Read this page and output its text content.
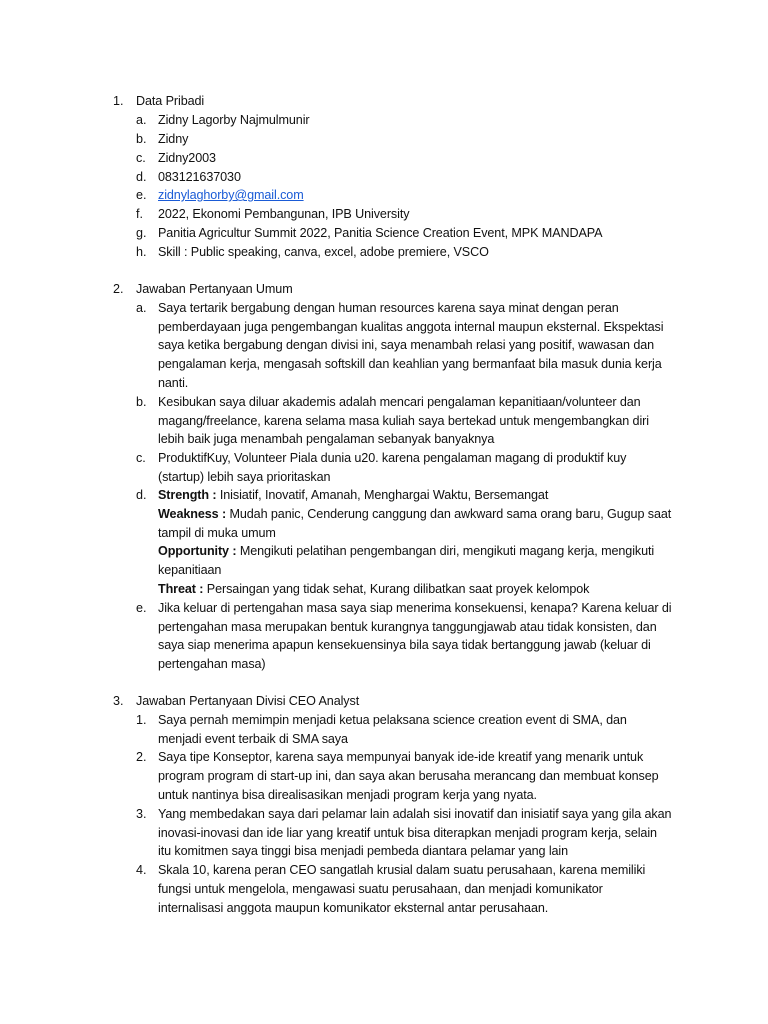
1. Data Pribadi
a. Zidny Lagorby Najmulmunir
b. Zidny
c. Zidny2003
d. 083121637030
e. zidnylaghorby@gmail.com
f. 2022, Ekonomi Pembangunan, IPB University
g. Panitia Agricultur Summit 2022, Panitia Science Creation Event, MPK MANDAPA
h. Skill : Public speaking, canva, excel, adobe premiere, VSCO
2. Jawaban Pertanyaan Umum
a. Saya tertarik bergabung dengan human resources karena saya minat dengan peran
pemberdayaan juga pengembangan kualitas anggota internal maupun eksternal. Ekspektasi
saya ketika bergabung dengan divisi ini, saya menambah relasi yang positif, wawasan dan
pengalaman kerja, mengasah softskill dan keahlian yang bermanfaat bila masuk dunia kerja
nanti.
b. Kesibukan saya diluar akademis adalah mencari pengalaman kepanitiaan/volunteer dan
magang/freelance, karena selama masa kuliah saya bertekad untuk mengembangkan diri
lebih baik juga menambah pengalaman sebanyak banyaknya
c. ProduktifKuy, Volunteer Piala dunia u20. karena pengalaman magang di produktif kuy
(startup) lebih saya prioritaskan
d. Strength : Inisiatif, Inovatif, Amanah, Menghargai Waktu, Bersemangat
Weakness : Mudah panic, Cenderung canggung dan awkward sama orang baru, Gugup saat
tampil di muka umum
Opportunity : Mengikuti pelatihan pengembangan diri, mengikuti magang kerja, mengikuti
kepanitiaan
Threat : Persaingan yang tidak sehat, Kurang dilibatkan saat proyek kelompok
e. Jika keluar di pertengahan masa saya siap menerima konsekuensi, kenapa? Karena keluar di
pertengahan masa merupakan bentuk kurangnya tanggungjawab atau tidak konsisten, dan
saya siap menerima apapun kensekuensinya bila saya tidak bertanggung jawab (keluar di
pertengahan masa)
3. Jawaban Pertanyaan Divisi CEO Analyst
1. Saya pernah memimpin menjadi ketua pelaksana science creation event di SMA, dan
menjadi event terbaik di SMA saya
2. Saya tipe Konseptor, karena saya mempunyai banyak ide-ide kreatif yang menarik untuk
program program di start-up ini, dan saya akan berusaha merancang dan membuat konsep
untuk nantinya bisa direalisasikan menjadi program kerja yang nyata.
3. Yang membedakan saya dari pelamar lain adalah sisi inovatif dan inisiatif saya yang gila akan
inovasi-inovasi dan ide liar yang kreatif untuk bisa diterapkan menjadi program kerja, selain
itu komitmen saya tinggi bisa menjadi pembeda diantara pelamar yang lain
4. Skala 10, karena peran CEO sangatlah krusial dalam suatu perusahaan, karena memiliki
fungsi untuk mengelola, mengawasi suatu perusahaan, dan menjadi komunikator
internalisasi anggota maupun komunikator eksternal antar perusahaan.
